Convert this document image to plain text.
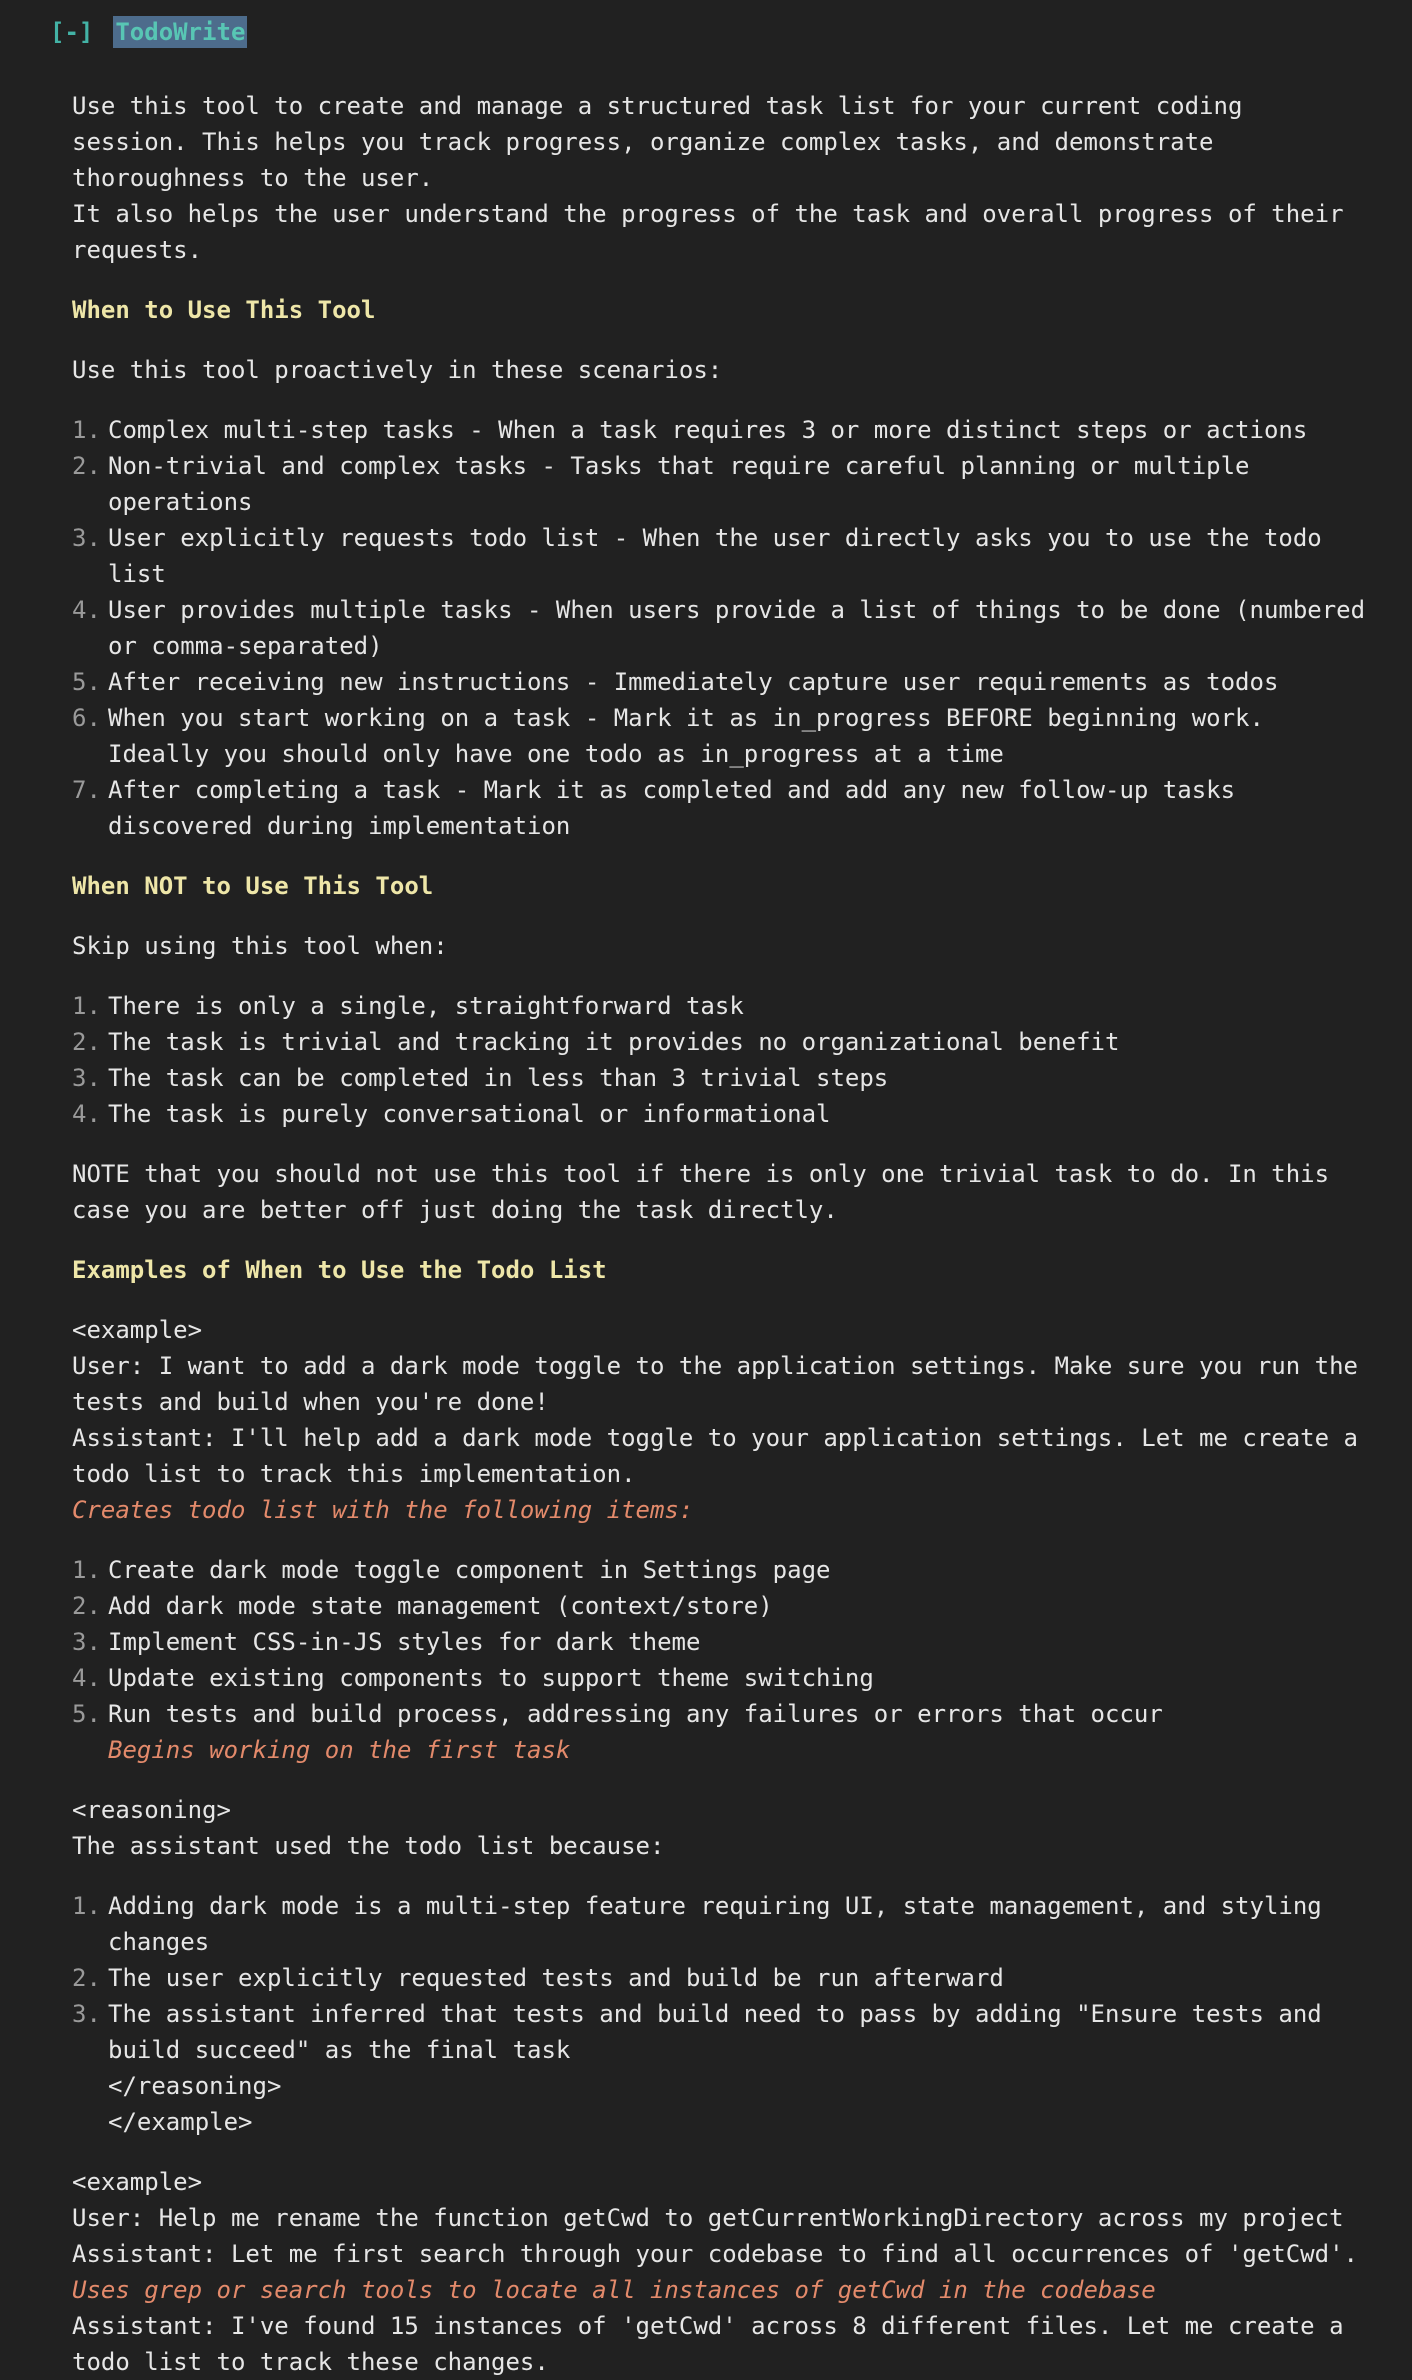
[-] TodoWrite

Use this tool to create and manage a structured task list for your current coding
session. This helps you track progress, organize complex tasks, and demonstrate
thoroughness to the user.

It also helps the user understand the progress of the task and overall progress of their
requests.

When to Use This Tool

Use this tool proactively in these scenarios:

1. Complex multi-step tasks - When a task requires 3 or more distinct steps or actions

2. Non-trivial and complex tasks - Tasks that require careful planning or multiple
operations

3. User explicitly requests todo list - When the user directly asks you to use the todo
list

4. User provides multiple tasks - When users provide a list of things to be done (numbered
or comma-separated)

5. After receiving new instructions - Immediately capture user requirements as todos

6. When you start working on a task - Mark it as in_progress BEFORE beginning work.
Ideally you should only have one todo as in_progress at a time

7. After completing a task - Mark it as completed and add any new follow-up tasks
discovered during implementation

When NOT to Use This Tool

Skip using this tool when:

1. There is only a single, straightforward task

2. The task is trivial and tracking it provides no organizational benefit

3. The task can be completed in less than 3 trivial steps

4. The task is purely conversational or informational

NOTE that you should not use this tool if there is only one trivial task to do. In this
case you are better off just doing the task directly.

Examples of When to Use the Todo List

<example>

User: I want to add a dark mode toggle to the application settings. Make sure you run the
tests and build when you're done!

Assistant: I'll help add a dark mode toggle to your application settings. Let me create a
todo list to track this implementation.

Creates todo list with the following items:

1. Create dark mode toggle component in Settings page

2. Add dark mode state management (context/store)

3. Implement CSS-in-JS styles for dark theme

4. Update existing components to support theme switching

5. Run tests and build process, addressing any failures or errors that occur

Begins working on the first task

<reasoning>

The assistant used the todo list because:

1. Adding dark mode is a multi-step feature requiring UI, state management, and styling
changes

2. The user explicitly requested tests and build be run afterward

3. The assistant inferred that tests and build need to pass by adding "Ensure tests and
build succeed" as the final task

</reasoning>

</example>

<example>

User: Help me rename the function getCwd to getCurrentWorkingDirectory across my project

Assistant: Let me first search through your codebase to find all occurrences of 'getCwd'.

Uses grep or search tools to locate all instances of getCwd in the codebase

Assistant: I've found 15 instances of 'getCwd' across 8 different files. Let me create a
todo list to track these changes.
